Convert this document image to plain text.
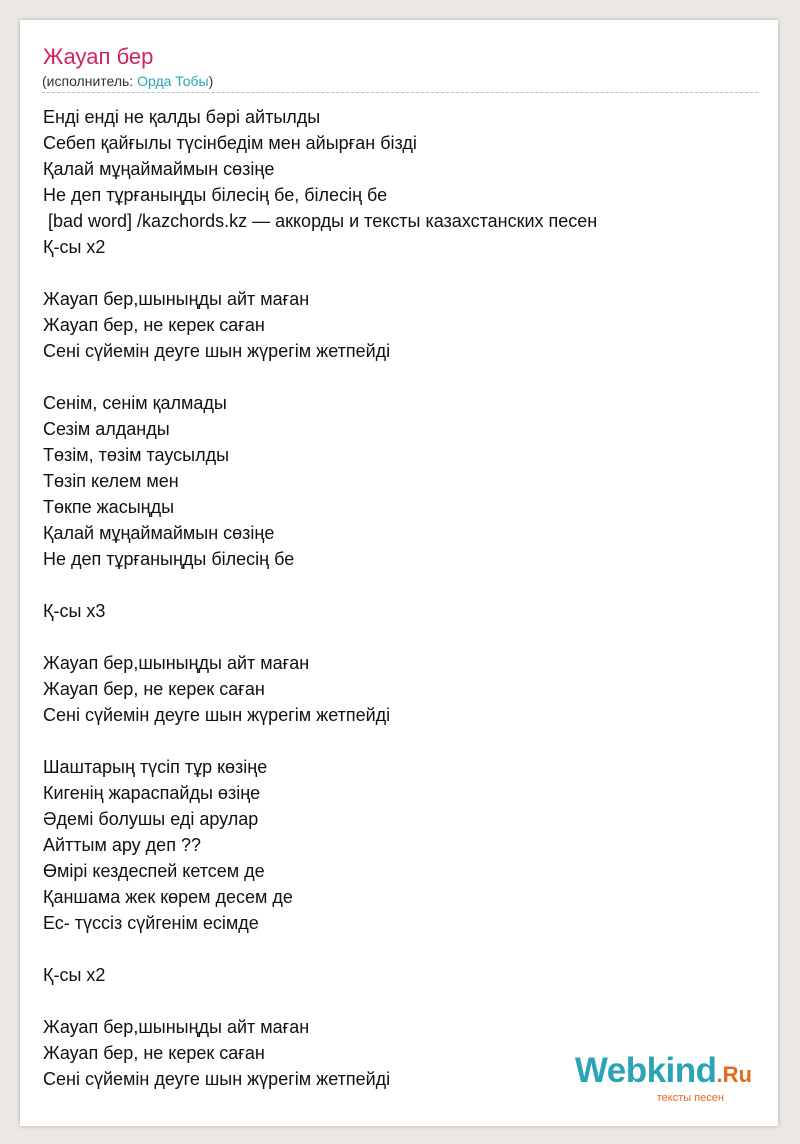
Жауап бер
(исполнитель: Орда Тобы)
Енді енді не қалды бәрі айтылды
Себеп қайғылы түсінбедім мен айырған бізді
Қалай мұңаймаймын сөзіңе
Не деп тұрғаныңды білесің бе, білесің бе
[bad word] /kazchords.kz — аккорды и тексты казахстанских песен
Қ-сы х2
Жауап бер,шыныңды айт маған
Жауап бер, не керек саған
Сені сүйемін деуге шын жүрегім жетпейді
Сенім, сенім қалмады
Сезім алданды
Төзім, төзім таусылды
Төзіп келем мен
Төкпе жасыңды
Қалай мұңаймаймын сөзіңе
Не деп тұрғаныңды білесің бе
Қ-сы х3
Жауап бер,шыныңды айт маған
Жауап бер, не керек саған
Сені сүйемін деуге шын жүрегім жетпейді
Шаштарың түсіп тұр көзіңе
Кигенің жараспайды өзіңе
Әдемі болушы еді арулар
Айттым ару деп ??
Өмірі кездеспей кетсем де
Қаншама жек көрем десем де
Ес- түссіз сүйгенім есімде
Қ-сы х2
Жауап бер,шыныңды айт маған
Жауап бер, не керек саған
Сені сүйемін деуге шын жүрегім жетпейді	Webkind.Ru
тексты песен
